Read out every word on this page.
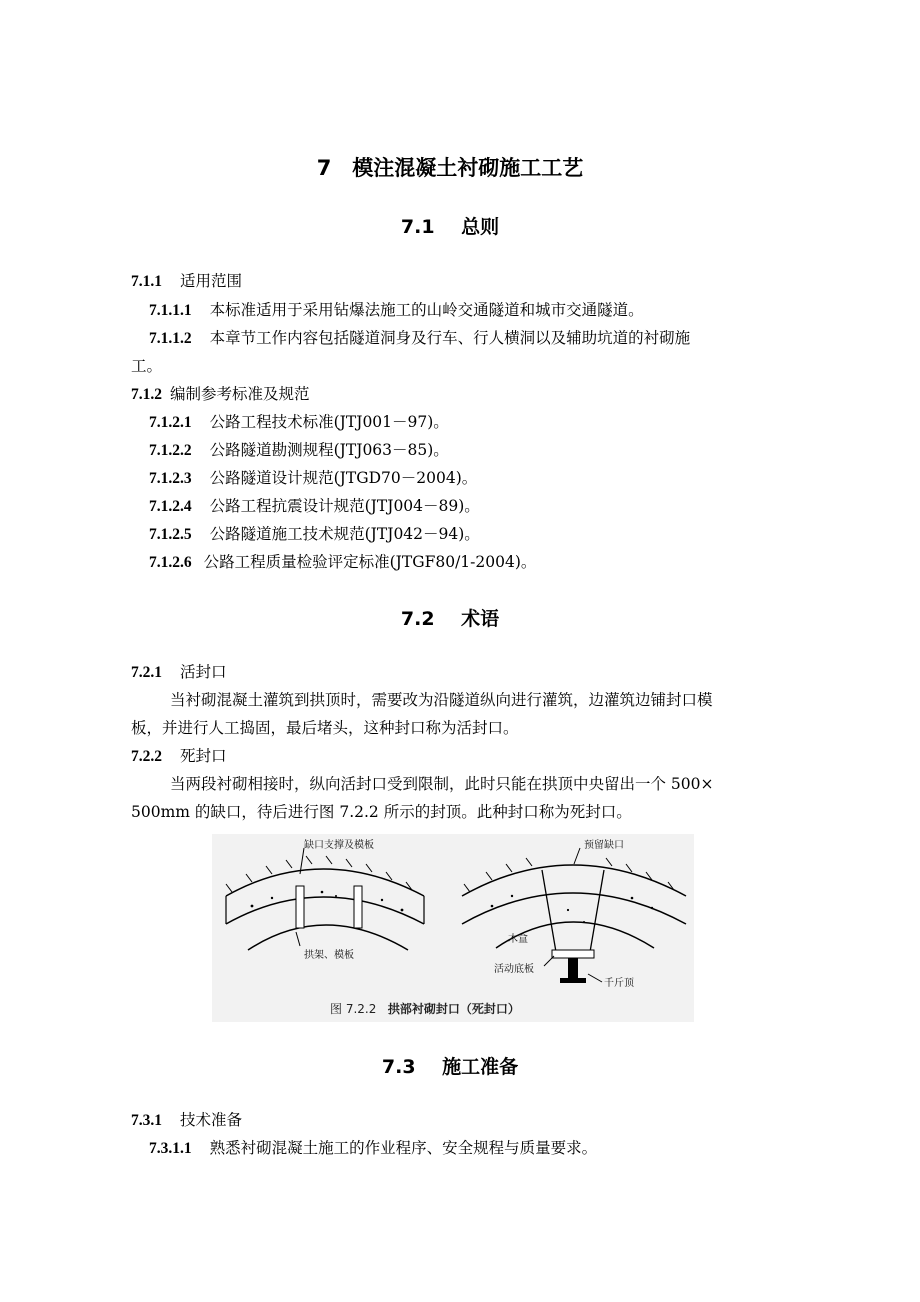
7　模注混凝土衬砌施工工艺
7.1 总则
7.1.1 适用范围
7.1.1.1 本标准适用于采用钻爆法施工的山岭交通隧道和城市交通隧道。
7.1.1.2 本章节工作内容包括隧道洞身及行车、行人横洞以及辅助坑道的衬砌施
工。
7.1.2 编制参考标准及规范
7.1.2.1 公路工程技术标准(JTJ001－97)。
7.1.2.2 公路隧道勘测规程(JTJ063－85)。
7.1.2.3 公路隧道设计规范(JTGD70－2004)。
7.1.2.4 公路工程抗震设计规范(JTJ004－89)。
7.1.2.5 公路隧道施工技术规范(JTJ042－94)。
7.1.2.6 公路工程质量检验评定标准(JTGF80/1-2004)。
7.2 术语
7.2.1 活封口
当衬砌混凝土灌筑到拱顶时，需要改为沿隧道纵向进行灌筑，边灌筑边铺封口模
板，并进行人工捣固，最后堵头，这种封口称为活封口。
7.2.2 死封口
当两段衬砌相接时，纵向活封口受到限制，此时只能在拱顶中央留出一个 500×
500mm 的缺口，待后进行图 7.2.2 所示的封顶。此种封口称为死封口。
缺口支撑及模板
拱架、模板
预留缺口
木盒
活动底板
千斤顶
图 7.2.2 拱部衬砌封口（死封口）
7.3 施工准备
7.3.1 技术准备
7.3.1.1 熟悉衬砌混凝土施工的作业程序、安全规程与质量要求。
